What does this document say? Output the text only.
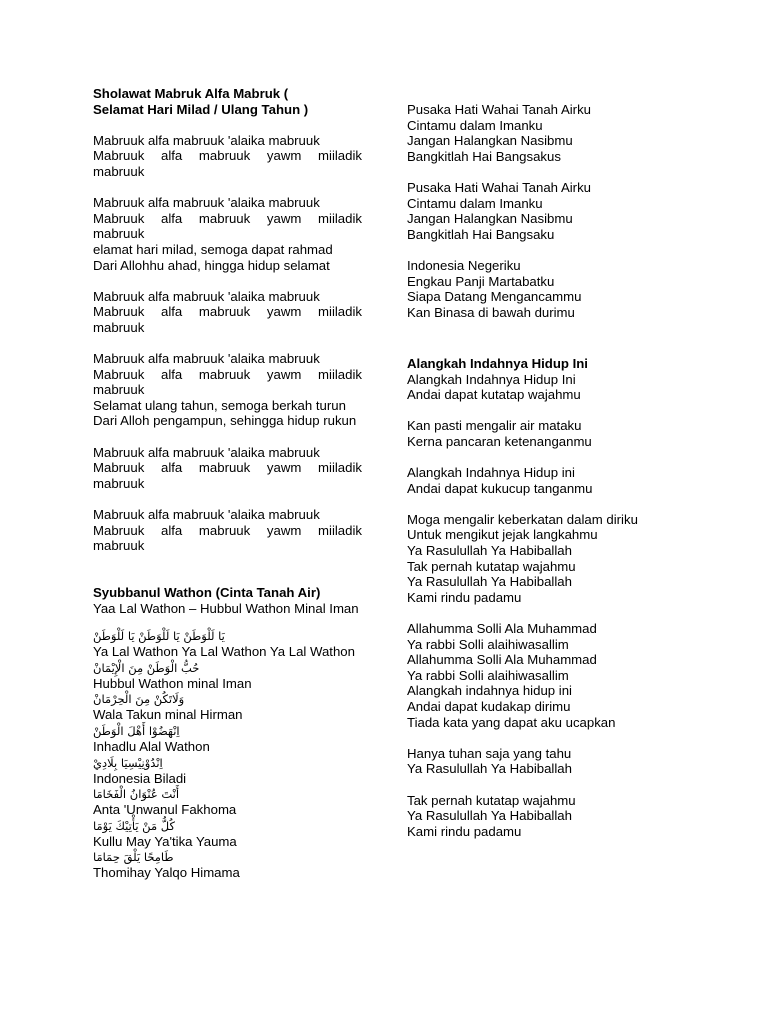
Sholawat Mabruk Alfa Mabruk (
Selamat Hari Milad / Ulang Tahun )
Mabruuk alfa mabruuk 'alaika mabruuk
Mabruuk alfa mabruuk yawm miiladik mabruuk
Mabruuk alfa mabruuk 'alaika mabruuk
Mabruuk alfa mabruuk yawm miiladik mabruuk
elamat hari milad, semoga dapat rahmad
Dari Allohhu ahad, hingga hidup selamat
Mabruuk alfa mabruuk 'alaika mabruuk
Mabruuk alfa mabruuk yawm miiladik mabruuk
Mabruuk alfa mabruuk 'alaika mabruuk
Mabruuk alfa mabruuk yawm miiladik mabruuk
Selamat ulang tahun, semoga berkah turun
Dari Alloh pengampun, sehingga hidup rukun
Mabruuk alfa mabruuk 'alaika mabruuk
Mabruuk alfa mabruuk yawm miiladik mabruuk
Mabruuk alfa mabruuk 'alaika mabruuk
Mabruuk alfa mabruuk yawm miiladik mabruuk
Syubbanul Wathon (Cinta Tanah Air)
Yaa Lal Wathon – Hubbul Wathon Minal Iman
يَا لَلْوَطَنْ يَا لَلْوَطَنْ يَا لَلْوَطَنْ
Ya Lal Wathon Ya Lal Wathon Ya Lal Wathon
حُبُّ الْوَطَنْ مِنَ الْإِيْمَانْ
Hubbul Wathon minal Iman
وَلَاتَكُنْ مِنَ الْحِرْمَانْ
Wala Takun minal Hirman
اِنْهَضُوْا أَهْلَ الْوَطَنْ
Inhadlu Alal Wathon
اِنْدُوْنِيْسِيَا بِلَادِيْ
Indonesia Biladi
أَنْتَ عُنْوَانُ الْفَخَامَا
Anta 'Unwanul Fakhoma
كُلُّ مَنْ يَأْتِيْكَ يَوْمَا
Kullu May Ya'tika Yauma
طَامِحًا يَلْقَ حِمَامَا
Thomihay Yalqo Himama
Pusaka Hati Wahai Tanah Airku
Cintamu dalam Imanku
Jangan Halangkan Nasibmu
Bangkitlah Hai Bangsakus
Pusaka Hati Wahai Tanah Airku
Cintamu dalam Imanku
Jangan Halangkan Nasibmu
Bangkitlah Hai Bangsaku
Indonesia Negeriku
Engkau Panji Martabatku
Siapa Datang Mengancammu
Kan Binasa di bawah durimu
Alangkah Indahnya Hidup Ini
Alangkah Indahnya Hidup Ini
Andai dapat kutatap wajahmu
Kan pasti mengalir air mataku
Kerna pancaran ketenanganmu
Alangkah Indahnya Hidup ini
Andai dapat kukucup tanganmu
Moga mengalir keberkatan dalam diriku
Untuk mengikut jejak langkahmu
Ya Rasulullah Ya Habiballah
Tak pernah kutatap wajahmu
Ya Rasulullah Ya Habiballah
Kami rindu padamu
Allahumma Solli Ala Muhammad
Ya rabbi Solli alaihiwasallim
Allahumma Solli Ala Muhammad
Ya rabbi Solli alaihiwasallim
Alangkah indahnya hidup ini
Andai dapat kudakap dirimu
Tiada kata yang dapat aku ucapkan
Hanya tuhan saja yang tahu
Ya Rasulullah Ya Habiballah
Tak pernah kutatap wajahmu
Ya Rasulullah Ya Habiballah
Kami rindu padamu
